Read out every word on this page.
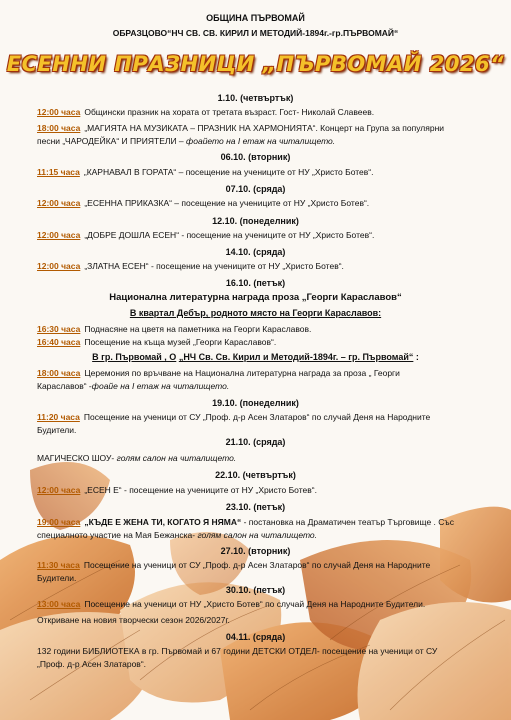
ОБЩИНА ПЪРВОМАЙ
ОБРАЗЦОВО“НЧ СВ. СВ. КИРИЛ И МЕТОДИЙ-1894г.-гр.ПЪРВОМАЙ“
ЕСЕННИ ПРАЗНИЦИ „ПЪРВОМАЙ 2026“
1.10. (четвъртък)
12:00 часа Общински празник на хората от третата възраст. Гост- Николай Славеев.
18:00 часа „МАГИЯТА НА МУЗИКАТА – ПРАЗНИК НА ХАРМОНИЯТА“. Концерт на Група за популярни
песни „ЧАРОДЕЙКА“ И ПРИЯТЕЛИ – фоайето на I етаж на читалището.
06.10. (вторник)
11:15 часа „КАРНАВАЛ В ГОРАТА“ – посещение на учениците от НУ „Христо Ботев“.
07.10. (сряда)
12:00 часа „ЕСЕННА ПРИКАЗКА“ – посещение на учениците от НУ „Христо Ботев“.
12.10. (понеделник)
12:00 часа „ДОБРЕ ДОШЛА ЕСЕН“ - посещение на учениците от НУ „Христо Ботев“.
14.10. (сряда)
12:00 часа „ЗЛАТНА ЕСЕН“ - посещение на учениците от НУ „Христо Ботев“.
16.10. (петък)
Национална литературна награда проза „Георги Караславов“
В квартал Дебър, родното място на Георги Караславов:
16:30 часа Поднасяне на цветя на паметника на Георги Караславов.
16:40 часа Посещение на къща музей „Георги Караславов“.
В гр. Първомай , О „НЧ Св. Св. Кирил и Методий-1894г. – гр. Първомай“ :
18:00 часа Церемония по връчване на Национална литературна награда за проза „ Георги
Караславов“ -фоайе на I етаж на читалището.
19.10. (понеделник)
11:20 часа Посещение на ученици от СУ „Проф. д-р Асен Златаров“ по случай Деня на Народните
Будители.
21.10. (сряда)
МАГИЧЕСКО ШОУ- голям салон на читалището.
22.10. (четвъртък)
12:00 часа „ЕСЕН Е“ - посещение на учениците от НУ „Христо Ботев“.
23.10. (петък)
19:00 часа „КЪДЕ Е ЖЕНА ТИ, КОГАТО Я НЯМА“ - постановка на Драматичен театър Търговище . Със
специалното участие на Мая Бежанска- голям салон на читалището.
27.10. (вторник)
11:30 часа Посещение на ученици от СУ „Проф. д-р Асен Златаров“ по случай Деня на Народните
Будители.
30.10. (петък)
13:00 часа Посещение на ученици от НУ „Христо Ботев“ по случай Деня на Народните Будители.
Откриване на новия творчески сезон 2026/2027г.
04.11. (сряда)
132 години БИБЛИОТЕКА в гр. Първомай и 67 години ДЕТСКИ ОТДЕЛ- посещение на ученици от СУ
„Проф. д-р Асен Златаров“.
